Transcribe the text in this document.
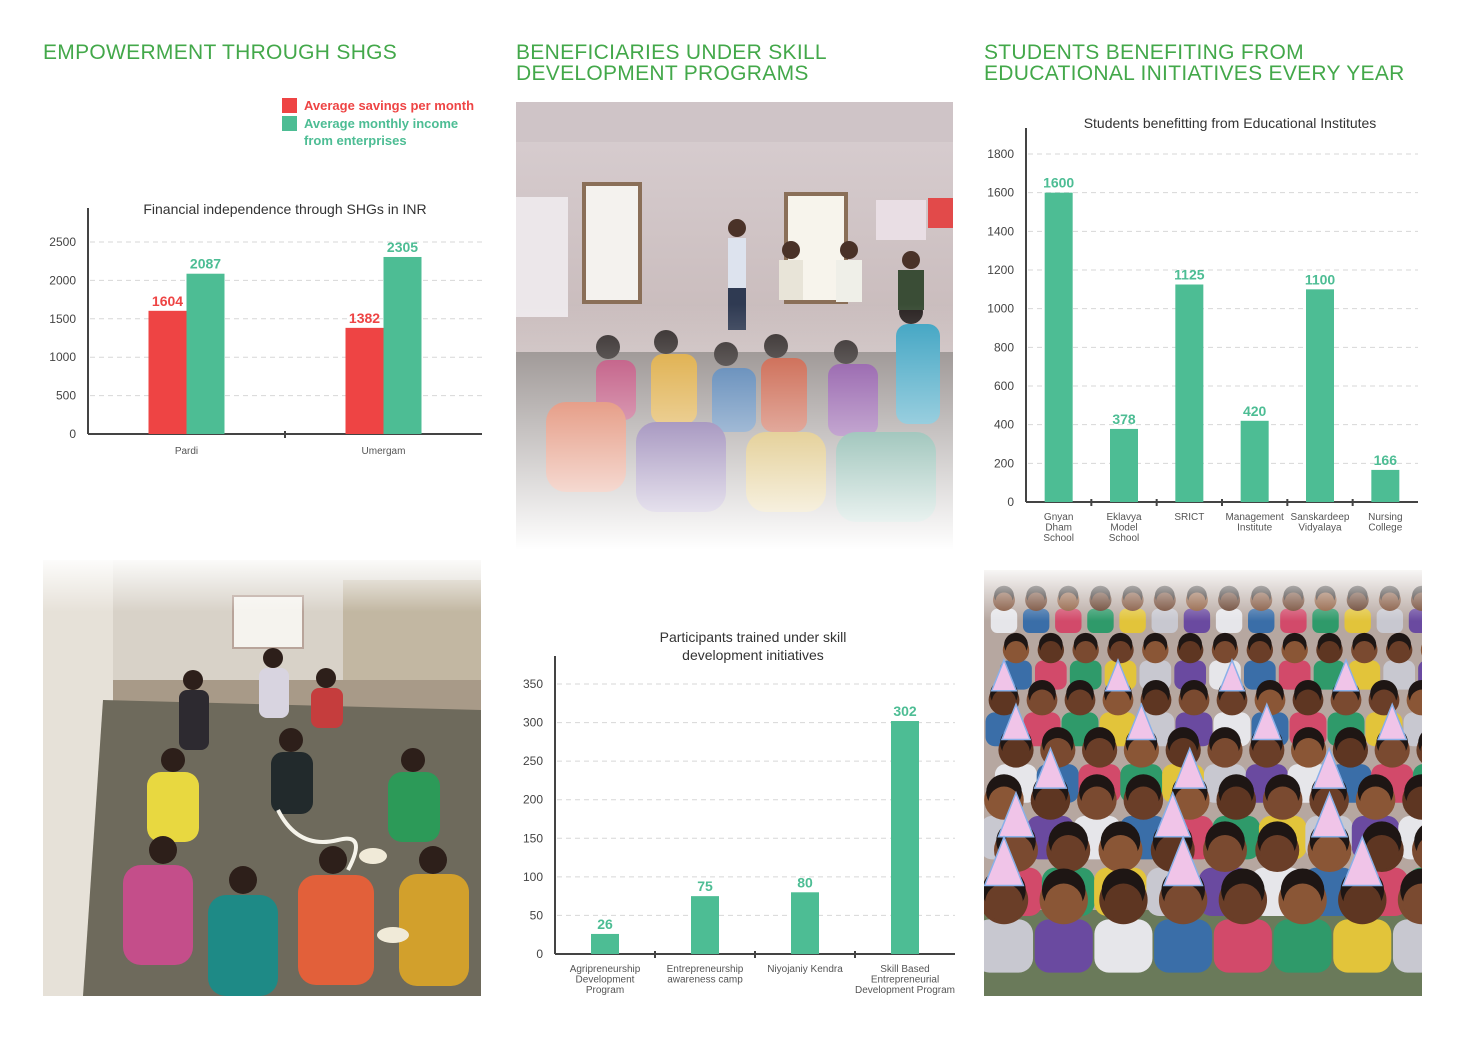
EMPOWERMENT THROUGH SHGS	BENEFICIARIES UNDER SKILL
DEVELOPMENT PROGRAMS
STUDENTS BENEFITING FROM
EDUCATIONAL INITIATIVES EVERY YEAR
Average savings per month
Average monthly income
from enterprises
Financial independence through SHGs in INR
0
500
1000
1500
2000
2500
1604
2087
Pardi
1382
2305
Umergam
Participants trained under skill
development initiatives
0
50
100
150
200
250
300
350
26
Agripreneurship
Development
Program
75
Entrepreneurship
awareness camp
80
Niyojaniy Kendra
302
Skill Based
Entrepreneurial
Development Program
Students benefitting from Educational Institutes
0
200
400
600
800
1000
1200
1400
1600
1800
1600
Gnyan
Dham
School
378
Eklavya
Model
School
1125
SRICT
420
Management
Institute
1100
Sanskardeep
Vidyalaya
166
Nursing
College
